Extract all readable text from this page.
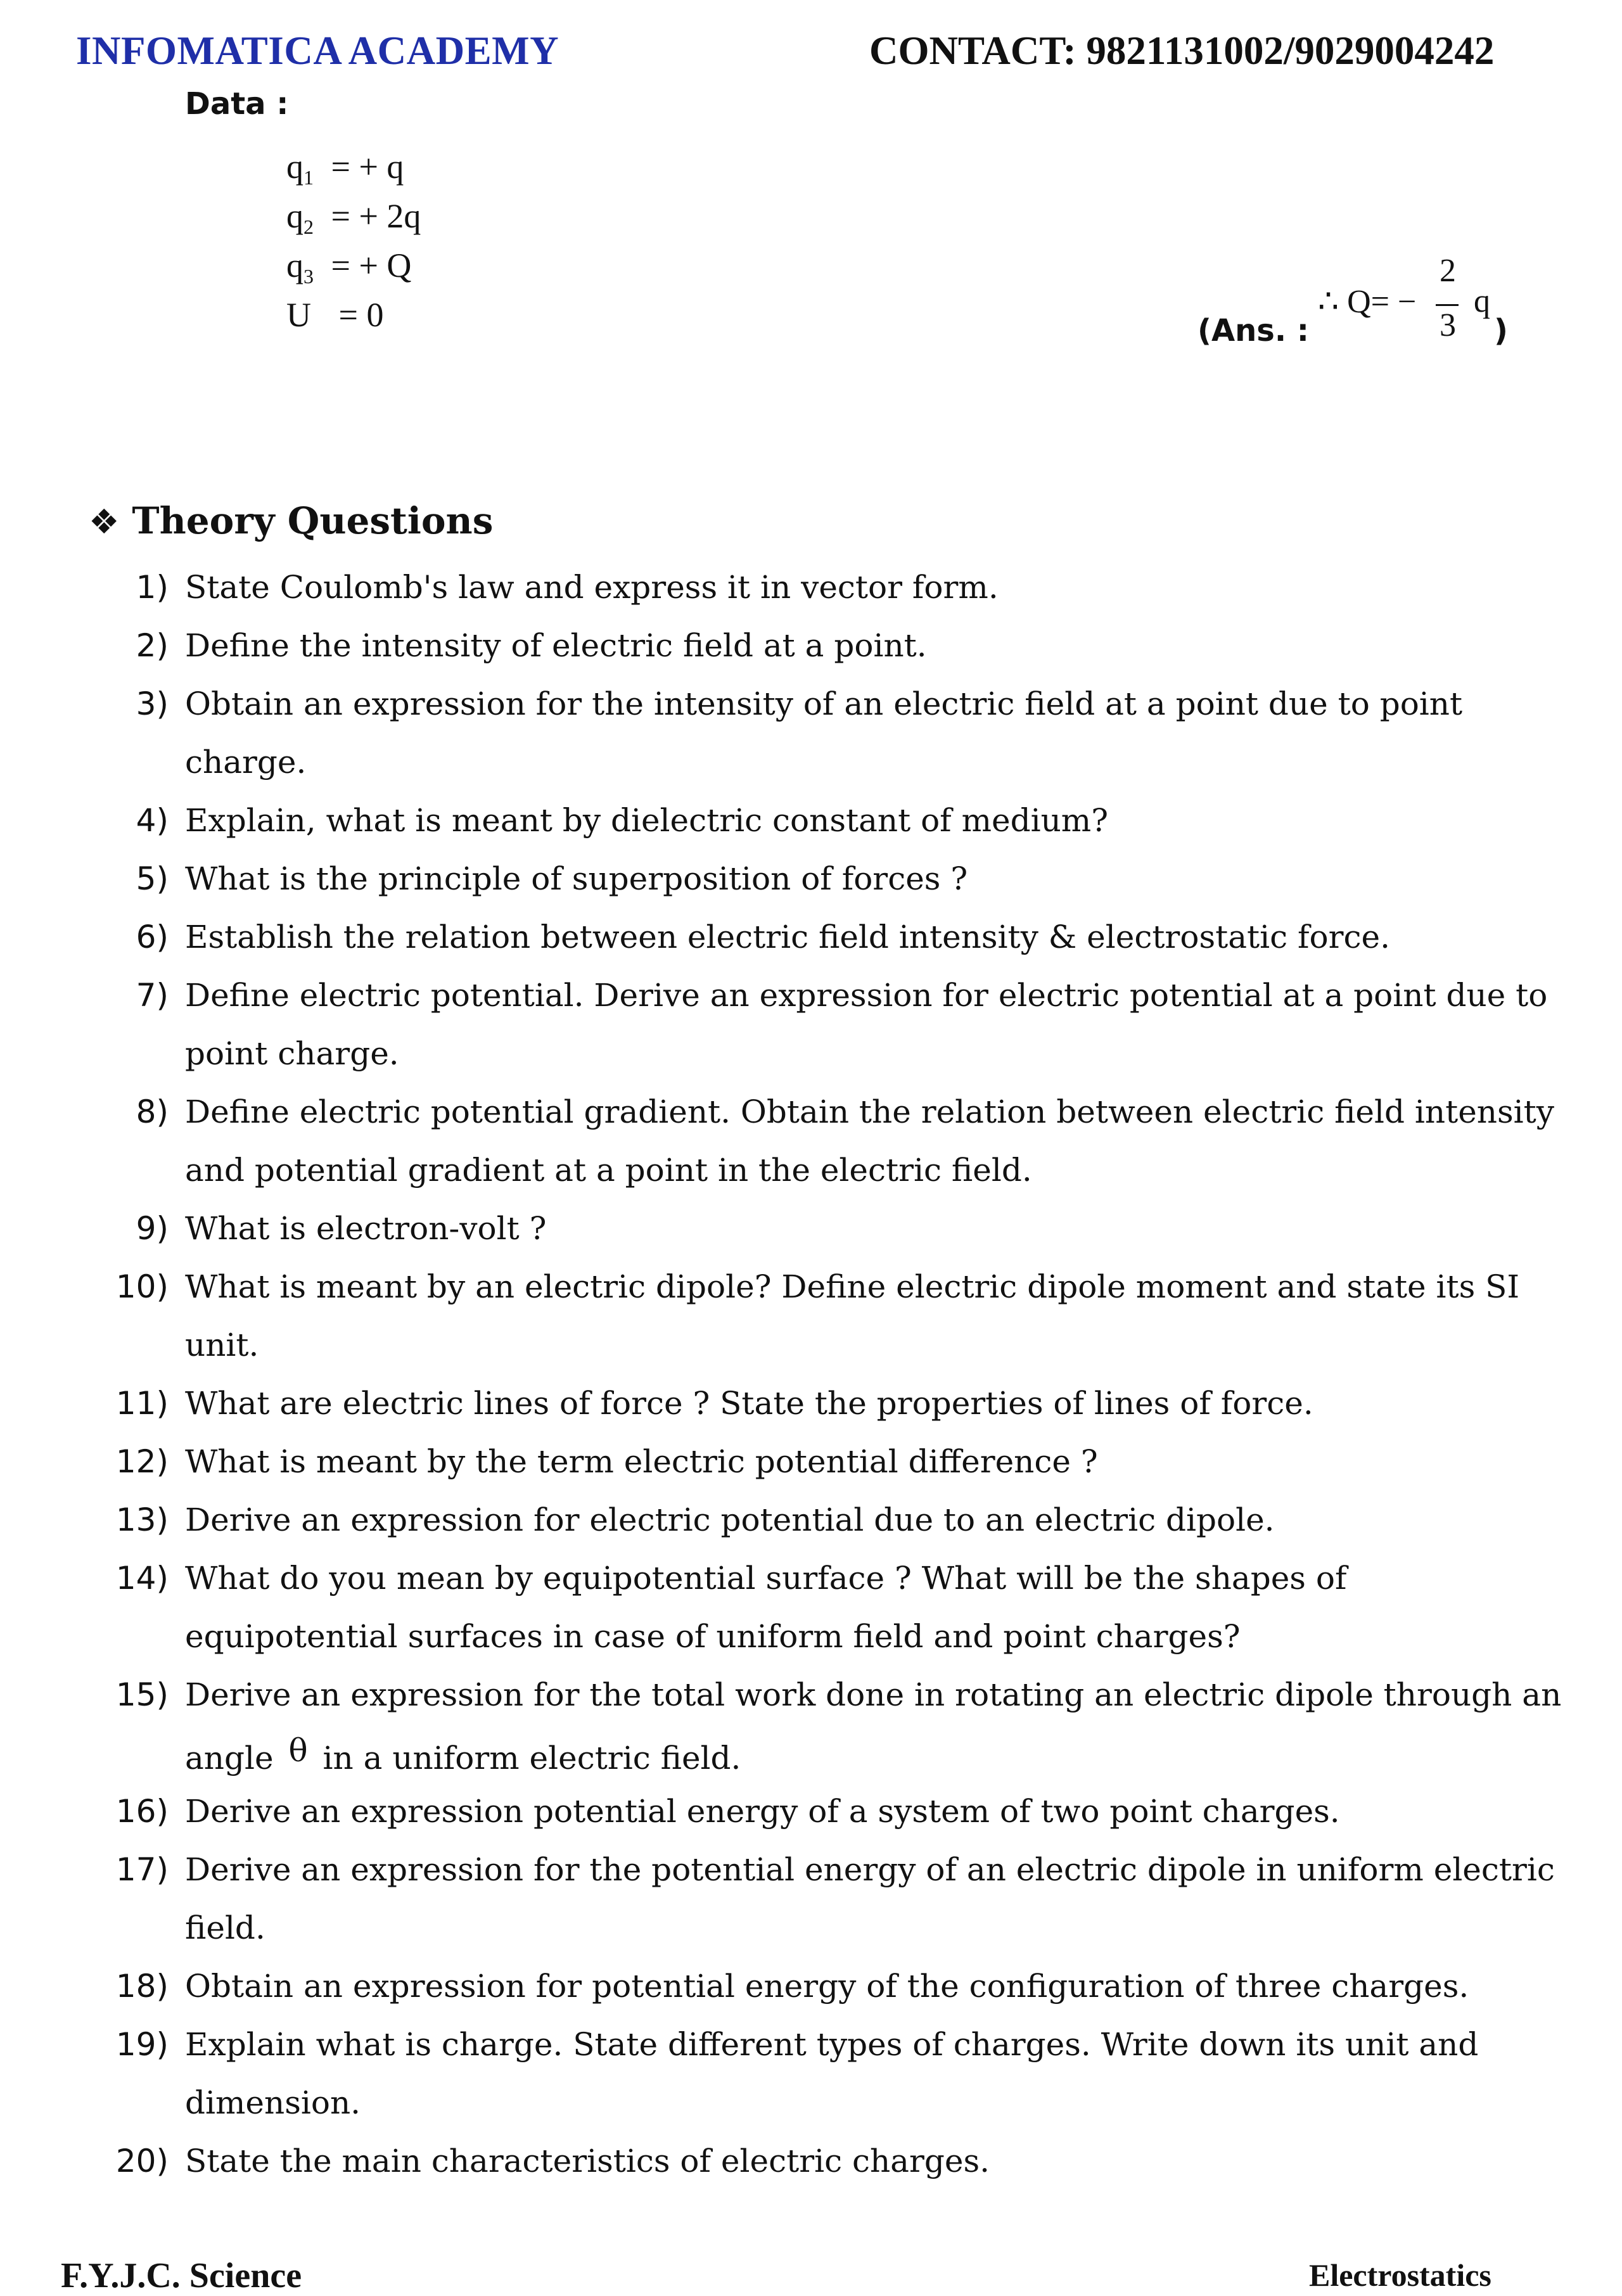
INFOMATICA ACADEMY	CONTACT: 9821131002/9029004242
Data :
$q_1$ = + q
$q_2$ = + 2q
$q_3$ = + Q
U = 0	(Ans. :
∴ Q= −
2
3
q
)
❖ Theory Questions
1) State Coulomb's law and express it in vector form.
2) Define the intensity of electric field at a point.
3) Obtain an expression for the intensity of an electric field at a point due to point
charge.
4) Explain, what is meant by dielectric constant of medium?
5) What is the principle of superposition of forces ?
6) Establish the relation between electric field intensity & electrostatic force.
7) Define electric potential. Derive an expression for electric potential at a point due to
point charge.
8) Define electric potential gradient. Obtain the relation between electric field intensity
and potential gradient at a point in the electric field.
9) What is electron-volt ?
10) What is meant by an electric dipole? Define electric dipole moment and state its SI
unit.
11) What are electric lines of force ? State the properties of lines of force.
12) What is meant by the term electric potential difference ?
13) Derive an expression for electric potential due to an electric dipole.
14) What do you mean by equipotential surface ? What will be the shapes of
equipotential surfaces in case of uniform field and point charges?
15) Derive an expression for the total work done in rotating an electric dipole through an
angle θ in a uniform electric field.
16) Derive an expression potential energy of a system of two point charges.
17) Derive an expression for the potential energy of an electric dipole in uniform electric
field.
18) Obtain an expression for potential energy of the configuration of three charges.
19) Explain what is charge. State different types of charges. Write down its unit and
dimension.
20) State the main characteristics of electric charges.
F.Y.J.C. Science	Electrostatics
